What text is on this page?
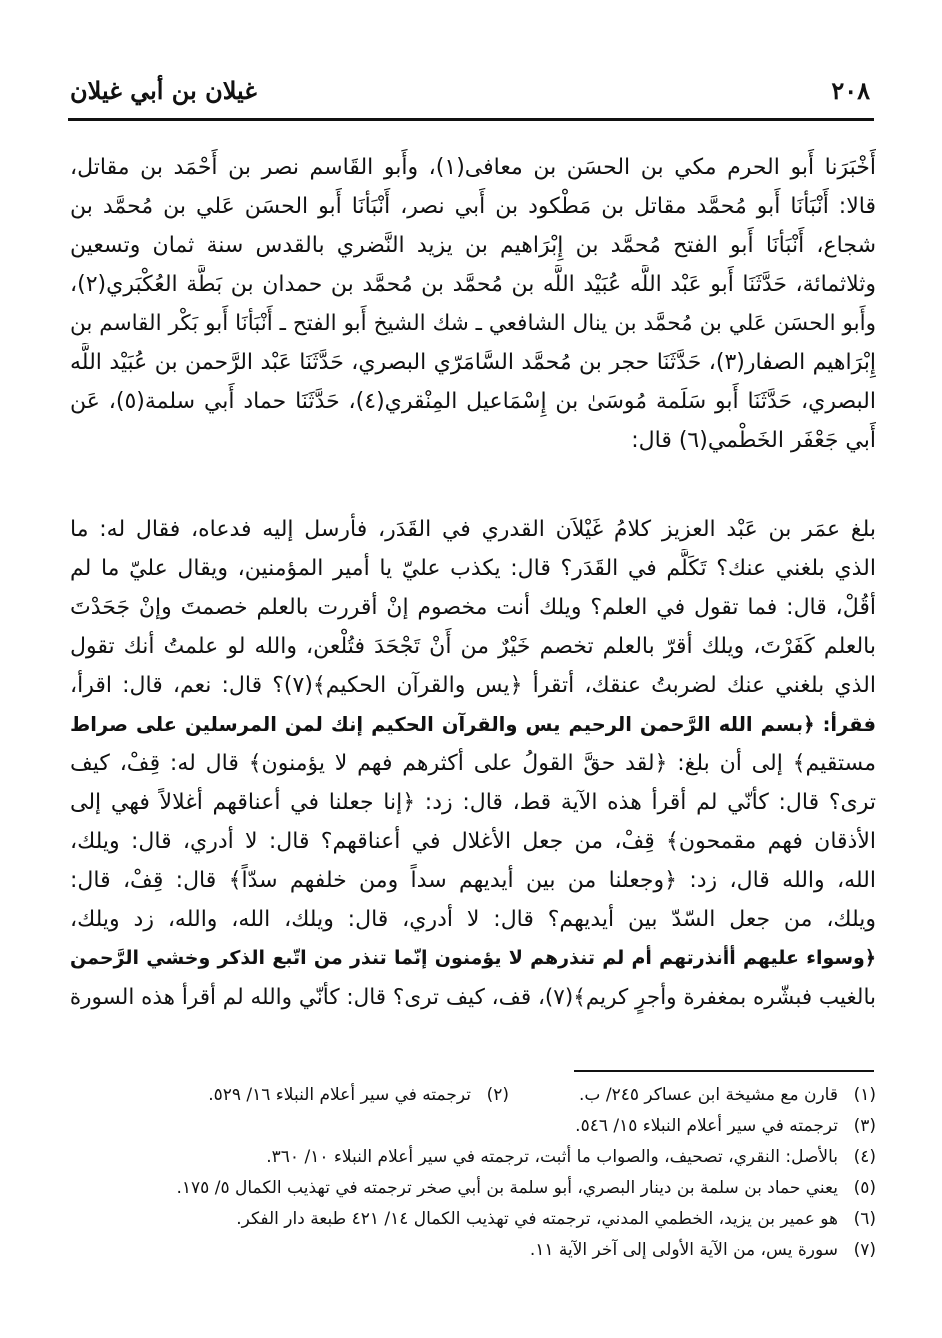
٢٠٨
غيلان بن أبي غيلان
أَخْبَرَنا أَبو الحرم مكي بن الحسَن بن معافى(١)، وأَبو القَاسم نصر بن أَحْمَد بن مقاتل،
قالا: أَنْبَأنَا أَبو مُحمَّد مقاتل بن مَطْكود بن أَبي نصر، أَنْبَأنَا أَبو الحسَن عَلي بن مُحمَّد بن
شجاع، أَنْبَأنَا أَبو الفتح مُحمَّد بن إِبْرَاهيم بن يزيد النَّضري بالقدس سنة ثمان وتسعين
وثلاثمائة، حَدَّثَنَا أَبو عَبْد اللَّه عُبَيْد اللَّه بن مُحمَّد بن مُحمَّد بن حمدان بن بَطَّة العُكْبَري(٢)،
وأَبو الحسَن عَلي بن مُحمَّد بن ينال الشافعي ـ شك الشيخ أَبو الفتح ـ أَنْبَأنَا أَبو بَكْر القاسم بن
إِبْرَاهيم الصفار(٣)، حَدَّثَنَا حجر بن مُحمَّد السَّامَرّي البصري، حَدَّثَنَا عَبْد الرَّحمن بن عُبَيْد اللَّه
البصري، حَدَّثَنَا أَبو سَلَمة مُوسَىٰ بن إِسْمَاعيل المِنْقري(٤)، حَدَّثَنَا حماد أَبي سلمة(٥)، عَن
أَبي جَعْفَر الخَطْمي(٦) قال:
بلغ عمَر بن عَبْد العزيز كلامُ غَيْلاَن القدري في القَدَر، فأرسل إليه فدعاه، فقال له: ما
الذي بلغني عنك؟ تَكَلَّم في القَدَر؟ قال: يكذب عليّ يا أمير المؤمنين، ويقال عليّ ما لم
أقُلْ، قال: فما تقول في العلم؟ ويلك أنت مخصوم إنْ أقررت بالعلم خصمتَ وإنْ جَحَدْتَ
بالعلم كَفَرْتَ، ويلك أقرّ بالعلم تخصم خَيْرٌ من أَنْ تَجْحَدَ فتُلْعن، والله لو علمتُ أنك تقول
الذي بلغني عنك لضربتُ عنقك، أتقرأ ﴿يس والقرآن الحكيم﴾(٧)؟ قال: نعم، قال: اقرأ،
فقرأ: ﴿بسم الله الرَّحمن الرحيم يس والقرآن الحكيم إنك لمن المرسلين على صراط
مستقيم﴾ إلى أن بلغ: ﴿لقد حقَّ القولُ على أكثرهم فهم لا يؤمنون﴾ قال له: قِفْ، كيف
ترى؟ قال: كأنّي لم أقرأ هذه الآية قط، قال: زد: ﴿إنا جعلنا في أعناقهم أغلالاً فهي إلى
الأذقان فهم مقمحون﴾ قِفْ، من جعل الأغلال في أعناقهم؟ قال: لا أدري، قال: ويلك،
الله، والله قال، زد: ﴿وجعلنا من بين أيديهم سداً ومن خلفهم سدّاً﴾ قال: قِفْ، قال:
ويلك، من جعل السّدّ بين أيديهم؟ قال: لا أدري، قال: ويلك، الله، والله، زد ويلك،
﴿وسواء عليهم أأنذرتهم أم لم تنذرهم لا يؤمنون إنّما تنذر من اتّبع الذكر وخشي الرَّحمن
بالغيب فبشّره بمغفرة وأجرٍ كريم﴾(٧)، قف، كيف ترى؟ قال: كأنّي والله لم أقرأ هذه السورة
(١)
قارن مع مشيخة ابن عساكر ٢٤٥/ ب.
(٢)
ترجمته في سير أعلام النبلاء ١٦/ ٥٢٩.
(٣)
ترجمته في سير أعلام النبلاء ١٥/ ٥٤٦.
(٤)
بالأصل: النقري، تصحيف، والصواب ما أثبت، ترجمته في سير أعلام النبلاء ١٠/ ٣٦٠.
(٥)
يعني حماد بن سلمة بن دينار البصري، أبو سلمة بن أبي صخر ترجمته في تهذيب الكمال ٥/ ١٧٥.
(٦)
هو عمير بن يزيد، الخطمي المدني، ترجمته في تهذيب الكمال ١٤/ ٤٢١ طبعة دار الفكر.
(٧)
سورة يس، من الآية الأولى إلى آخر الآية ١١.
